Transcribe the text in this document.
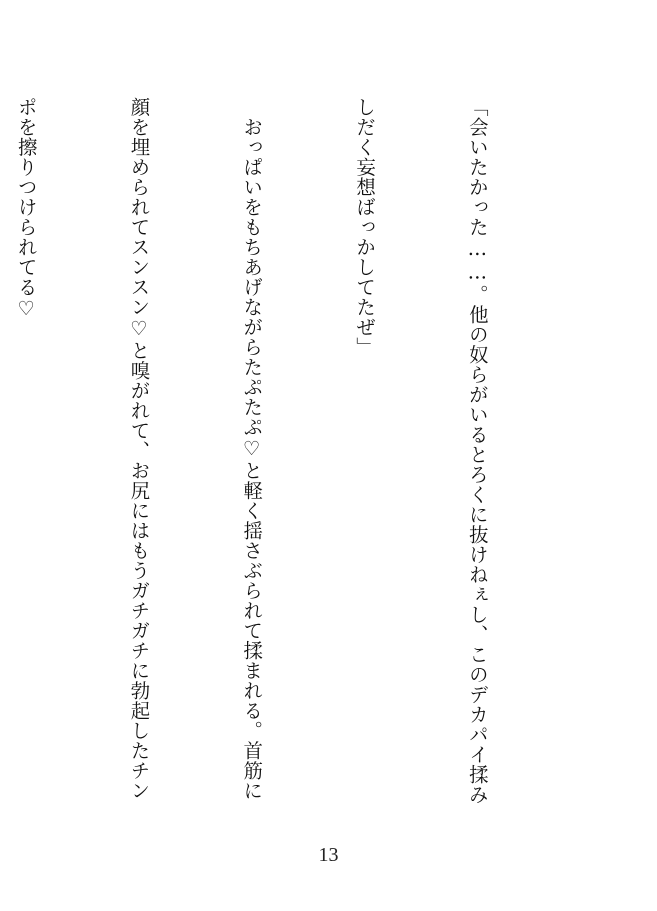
「会いたかった……。他の奴らがいるとろくに抜けねぇし、このデカパイ揉み

しだく妄想ばっかしてたぜ」

　おっぱいをもちあげながらたぷたぷ♡と軽く揺さぶられて揉まれる。首筋に

顔を埋められてスンスン♡と嗅がれて、お尻にはもうガチガチに勃起したチン

ポを擦りつけられてる♡

13
